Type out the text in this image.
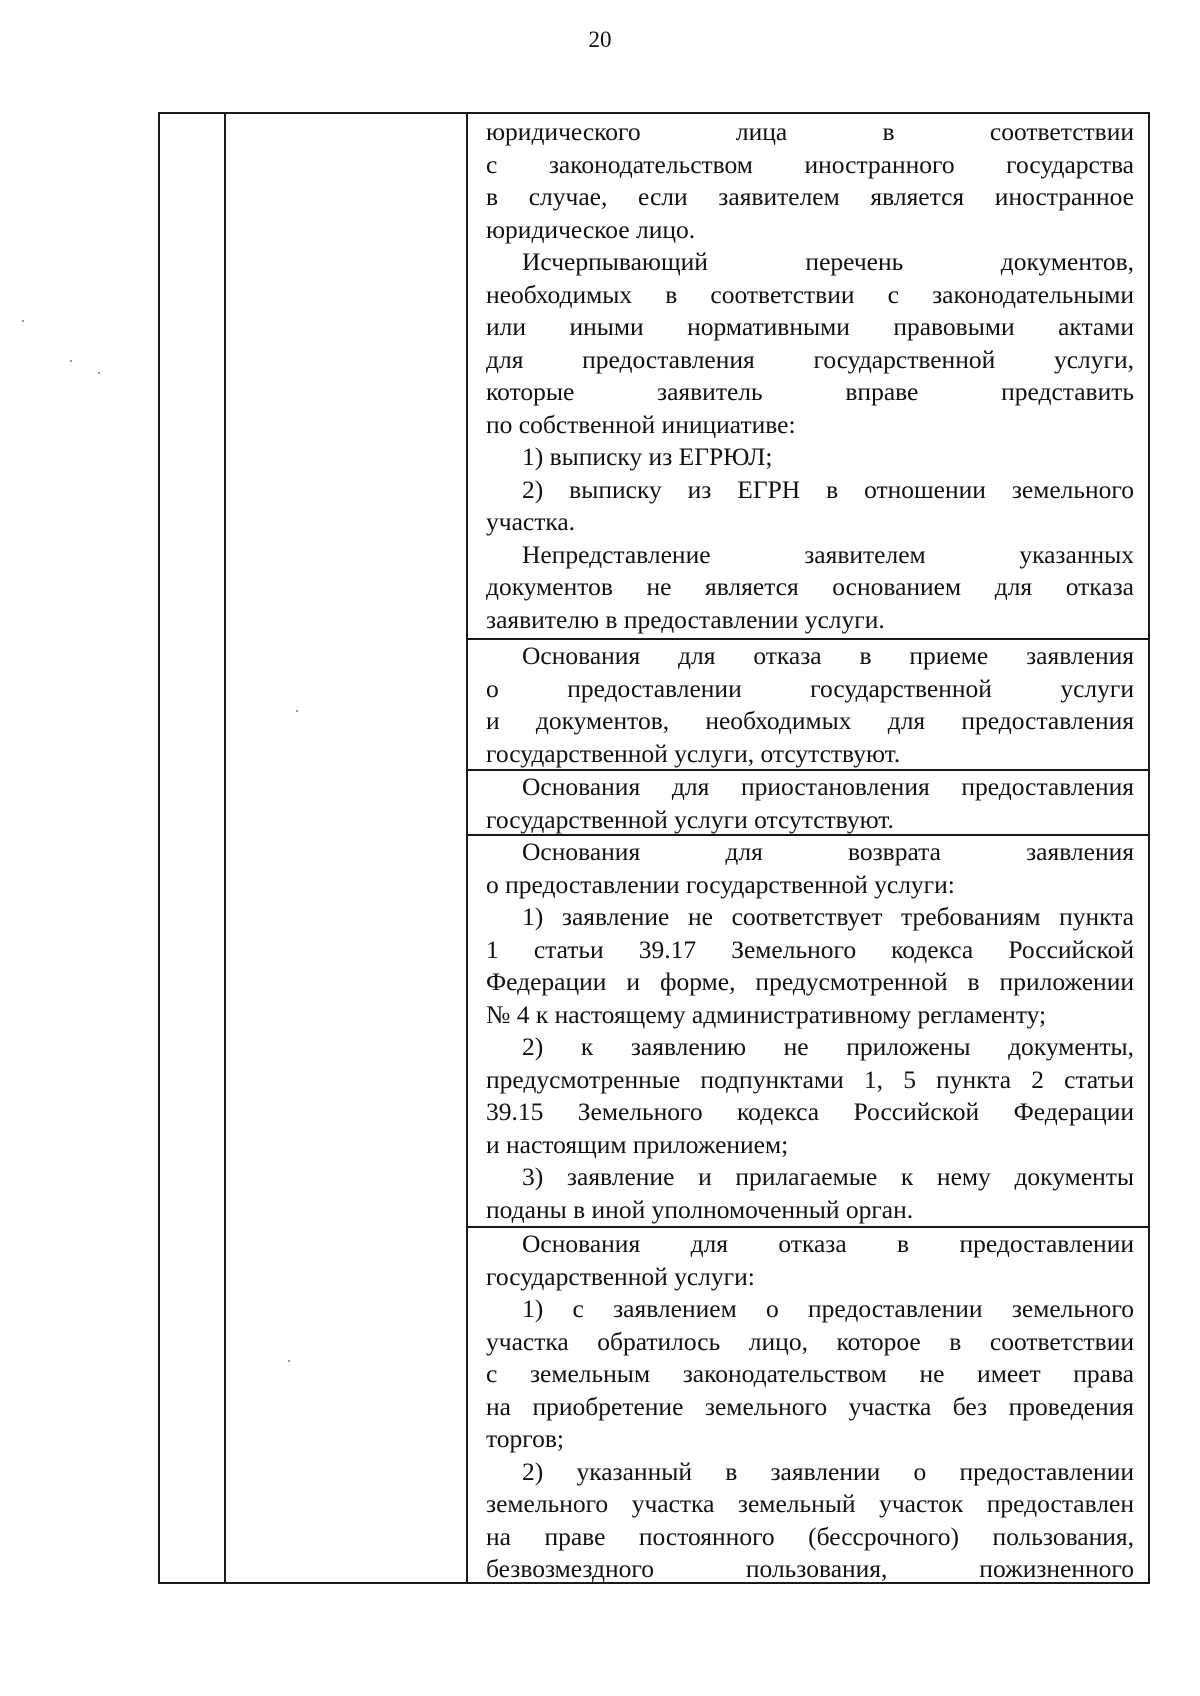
20

юридического лица в соответствии

с законодательством иностранного государства

в случае, если заявителем является иностранное

юридическое лицо.

Исчерпывающий перечень документов,

необходимых в соответствии с законодательными

или иными нормативными правовыми актами

для предоставления государственной услуги,

которые заявитель вправе представить

по собственной инициативе:

1) выписку из ЕГРЮЛ;

2) выписку из ЕГРН в отношении земельного

участка.

Непредставление заявителем указанных

документов не является основанием для отказа

заявителю в предоставлении услуги.

Основания для отказа в приеме заявления

о предоставлении государственной услуги

и документов, необходимых для предоставления

государственной услуги, отсутствуют.

Основания для приостановления предоставления

государственной услуги отсутствуют.

Основания для возврата заявления

о предоставлении государственной услуги:

1) заявление не соответствует требованиям пункта

1 статьи 39.17 Земельного кодекса Российской

Федерации и форме, предусмотренной в приложении

№ 4 к настоящему административному регламенту;

2) к заявлению не приложены документы,

предусмотренные подпунктами 1, 5 пункта 2 статьи

39.15 Земельного кодекса Российской Федерации

и настоящим приложением;

3) заявление и прилагаемые к нему документы

поданы в иной уполномоченный орган.

Основания для отказа в предоставлении

государственной услуги:

1) с заявлением о предоставлении земельного

участка обратилось лицо, которое в соответствии

с земельным законодательством не имеет права

на приобретение земельного участка без проведения

торгов;

2) указанный в заявлении о предоставлении

земельного участка земельный участок предоставлен

на праве постоянного (бессрочного) пользования,

безвозмездного пользования, пожизненного
